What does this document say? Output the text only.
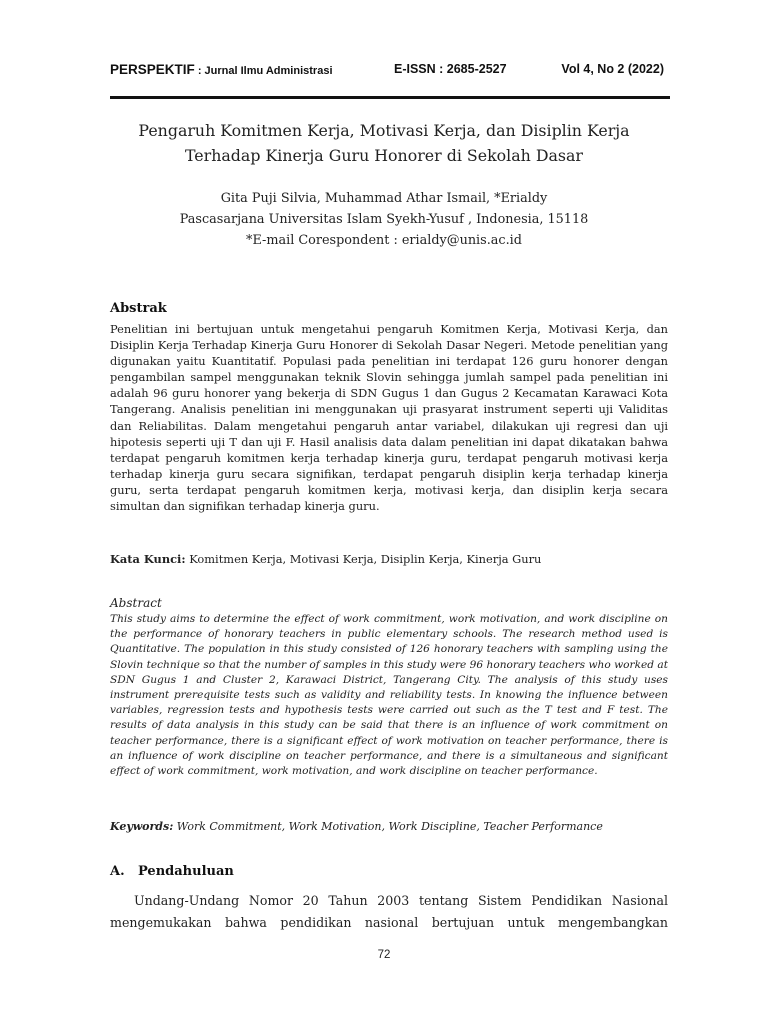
PERSPEKTIF : Jurnal Ilmu Administrasi	E-ISSN : 2685-2527	Vol 4, No 2 (2022)
Pengaruh Komitmen Kerja, Motivasi Kerja, dan Disiplin Kerja
Terhadap Kinerja Guru Honorer di Sekolah Dasar
Gita Puji Silvia, Muhammad Athar Ismail, *Erialdy
Pascasarjana Universitas Islam Syekh-Yusuf , Indonesia, 15118
*E-mail Corespondent : erialdy@unis.ac.id
Abstrak
Penelitian ini bertujuan untuk mengetahui pengaruh Komitmen Kerja, Motivasi Kerja, dan Disiplin Kerja Terhadap Kinerja Guru Honorer di Sekolah Dasar Negeri. Metode penelitian yang digunakan yaitu Kuantitatif. Populasi pada penelitian ini terdapat 126 guru honorer dengan pengambilan sampel menggunakan teknik Slovin sehingga jumlah sampel pada penelitian ini adalah 96 guru honorer yang bekerja di SDN Gugus 1 dan Gugus 2 Kecamatan Karawaci Kota Tangerang. Analisis penelitian ini menggunakan uji prasyarat instrument seperti uji Validitas dan Reliabilitas. Dalam mengetahui pengaruh antar variabel, dilakukan uji regresi dan uji hipotesis seperti uji T dan uji F. Hasil analisis data dalam penelitian ini dapat dikatakan bahwa terdapat pengaruh komitmen kerja terhadap kinerja guru, terdapat pengaruh motivasi kerja terhadap kinerja guru secara signifikan, terdapat pengaruh disiplin kerja terhadap kinerja guru, serta terdapat pengaruh komitmen kerja, motivasi kerja, dan disiplin kerja secara simultan dan signifikan terhadap kinerja guru.
Kata Kunci: Komitmen Kerja, Motivasi Kerja, Disiplin Kerja, Kinerja Guru
Abstract
This study aims to determine the effect of work commitment, work motivation, and work discipline on the performance of honorary teachers in public elementary schools. The research method used is Quantitative. The population in this study consisted of 126 honorary teachers with sampling using the Slovin technique so that the number of samples in this study were 96 honorary teachers who worked at SDN Gugus 1 and Cluster 2, Karawaci District, Tangerang City. The analysis of this study uses instrument prerequisite tests such as validity and reliability tests. In knowing the influence between variables, regression tests and hypothesis tests were carried out such as the T test and F test. The results of data analysis in this study can be said that there is an influence of work commitment on teacher performance, there is a significant effect of work motivation on teacher performance, there is an influence of work discipline on teacher performance, and there is a simultaneous and significant effect of work commitment, work motivation, and work discipline on teacher performance.
Keywords: Work Commitment, Work Motivation, Work Discipline, Teacher Performance
A. Pendahuluan
Undang-Undang Nomor 20 Tahun 2003 tentang Sistem Pendidikan Nasional mengemukakan bahwa pendidikan nasional bertujuan untuk mengembangkan
72
